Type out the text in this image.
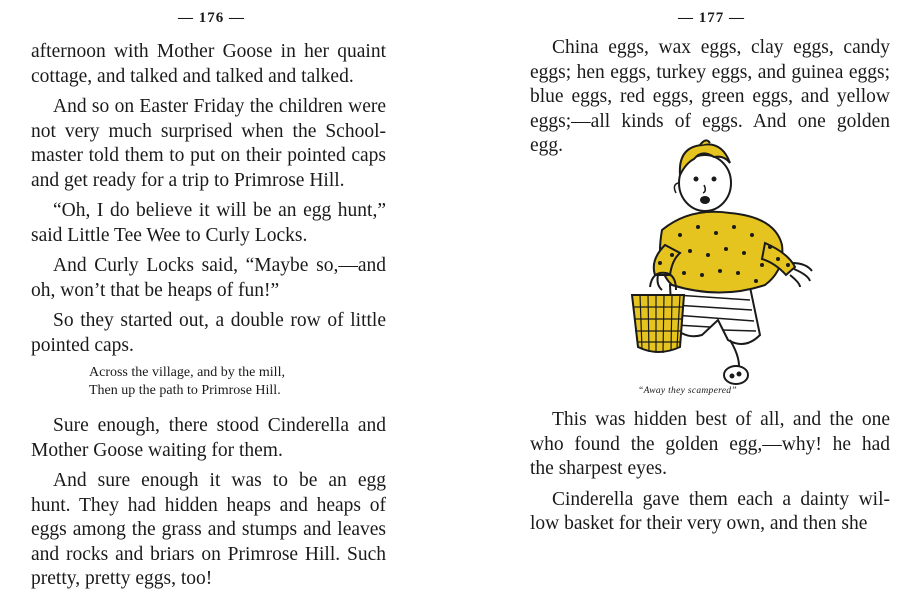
— 176 —

afternoon with Mother Goose in her quaint
cottage, and talked and talked and talked.

And so on Easter Friday the children were
not very much surprised when the School-
master told them to put on their pointed caps
and get ready for a trip to Primrose Hill.

“Oh, I do believe it will be an egg hunt,”
said Little Tee Wee to Curly Locks.

And Curly Locks said, “Maybe so,—and
oh, won’t that be heaps of fun!”

So they started out, a double row of little
pointed caps.

Across the village, and by the mill,
Then up the path to Primrose Hill.

Sure enough, there stood Cinderella and
Mother Goose waiting for them.

And sure enough it was to be an egg
hunt. They had hidden heaps and heaps of
eggs among the grass and stumps and leaves
and rocks and briars on Primrose Hill. Such
pretty, pretty eggs, too!

— 177 —

China eggs, wax eggs, clay eggs, candy
eggs; hen eggs, turkey eggs, and guinea eggs;
blue eggs, red eggs, green eggs, and yellow
eggs;—all kinds of eggs. And one golden
egg.

“Away they scampered”

This was hidden best of all, and the one
who found the golden egg,—why! he had
the sharpest eyes.

Cinderella gave them each a dainty wil-
low basket for their very own, and then she
